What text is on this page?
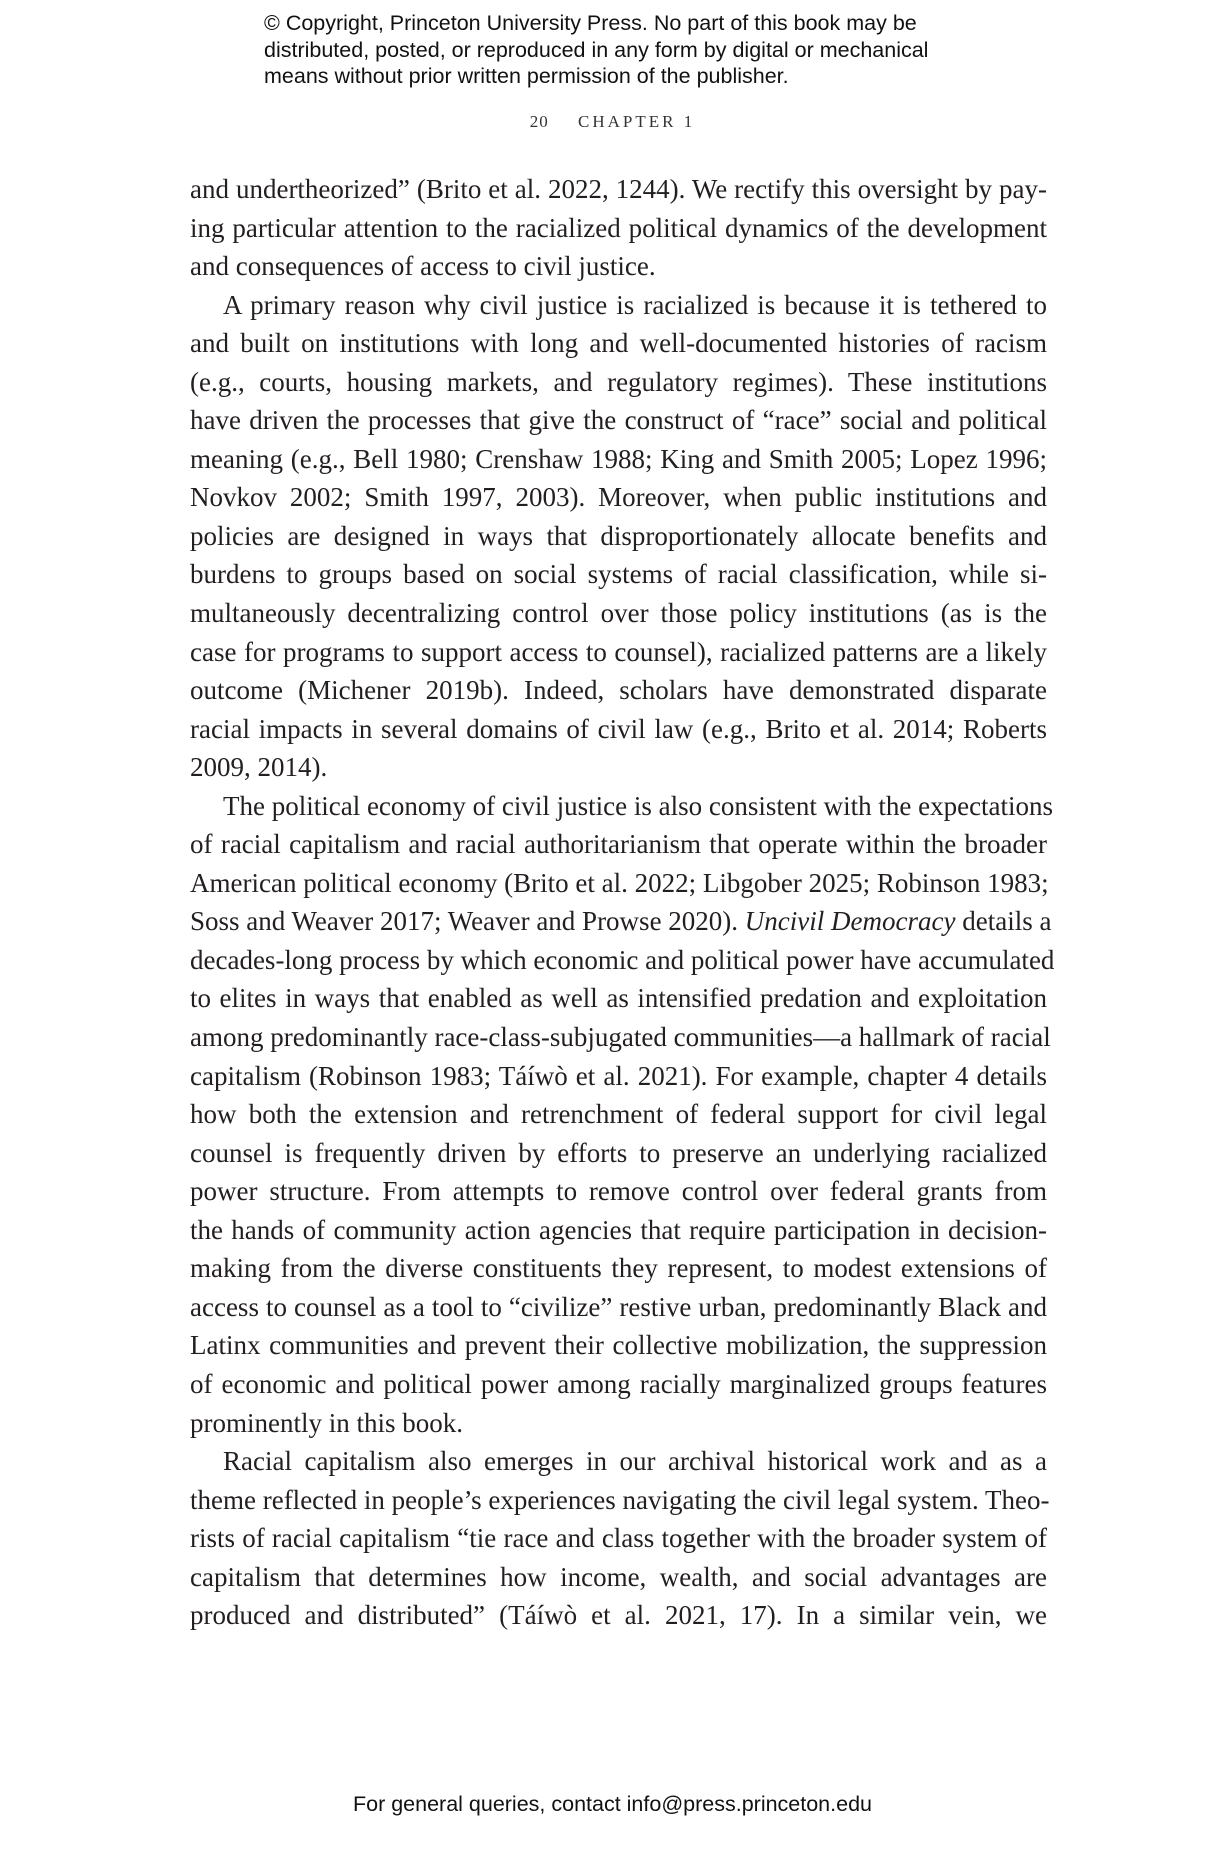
© Copyright, Princeton University Press. No part of this book may be
distributed, posted, or reproduced in any form by digital or mechanical
means without prior written permission of the publisher.
20 CHAPTER 1
and undertheorized” (Brito et al. 2022, 1244). We rectify this oversight by pay-
ing particular attention to the racialized political dynamics of the development
and consequences of access to civil justice.
A primary reason why civil justice is racialized is because it is tethered to
and built on institutions with long and well-documented histories of racism
(e.g., courts, housing markets, and regulatory regimes). These institutions
have driven the processes that give the construct of “race” social and political
meaning (e.g., Bell 1980; Crenshaw 1988; King and Smith 2005; Lopez 1996;
Novkov 2002; Smith 1997, 2003). Moreover, when public institutions and
policies are designed in ways that disproportionately allocate benefits and
burdens to groups based on social systems of racial classification, while si-
multaneously decentralizing control over those policy institutions (as is the
case for programs to support access to counsel), racialized patterns are a likely
outcome (Michener 2019b). Indeed, scholars have demonstrated disparate
racial impacts in several domains of civil law (e.g., Brito et al. 2014; Roberts
2009, 2014).
The political economy of civil justice is also consistent with the expectations
of racial capitalism and racial authoritarianism that operate within the broader
American political economy (Brito et al. 2022; Libgober 2025; Robinson 1983;
Soss and Weaver 2017; Weaver and Prowse 2020). Uncivil Democracy details a
decades-long process by which economic and political power have accumulated
to elites in ways that enabled as well as intensified predation and exploitation
among predominantly race-class-subjugated communities—a hallmark of racial
capitalism (Robinson 1983; Táíwò et al. 2021). For example, chapter 4 details
how both the extension and retrenchment of federal support for civil legal
counsel is frequently driven by efforts to preserve an underlying racialized
power structure. From attempts to remove control over federal grants from
the hands of community action agencies that require participation in decision-
making from the diverse constituents they represent, to modest extensions of
access to counsel as a tool to “civilize” restive urban, predominantly Black and
Latinx communities and prevent their collective mobilization, the suppression
of economic and political power among racially marginalized groups features
prominently in this book.
Racial capitalism also emerges in our archival historical work and as a
theme reflected in people’s experiences navigating the civil legal system. Theo-
rists of racial capitalism “tie race and class together with the broader system of
capitalism that determines how income, wealth, and social advantages are
produced and distributed” (Táíwò et al. 2021, 17). In a similar vein, we
For general queries, contact info@press.princeton.edu
